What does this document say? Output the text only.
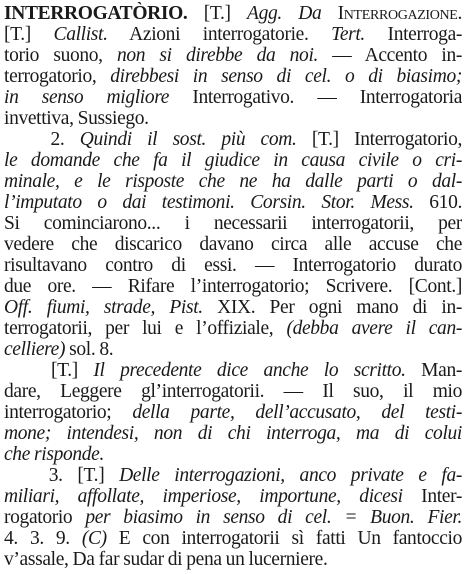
INTERROGATÒRIO. [T.] Agg. Da Interrogazione.
[T.] Callist. Azioni interrogatorie. Tert. Interroga-
torio suono, non si direbbe da noi. — Accento in-
terrogatorio, direbbesi in senso di cel. o di biasimo;
in senso migliore Interrogativo. — Interrogatoria
invettiva, Sussiego.
2. Quindi il sost. più com. [T.] Interrogatorio,
le domande che fa il giudice in causa civile o cri-
minale, e le risposte che ne ha dalle parti o dal-
l’imputato o dai testimoni. Corsin. Stor. Mess. 610.
Si cominciarono... i necessarii interrogatorii, per
vedere che discarico davano circa alle accuse che
risultavano contro di essi. — Interrogatorio durato
due ore. — Rifare l’interrogatorio; Scrivere. [Cont.]
Off. fiumi, strade, Pist. XIX. Per ogni mano di in-
terrogatorii, per lui e l’offiziale, (debba avere il can-
celliere) sol. 8.
[T.] Il precedente dice anche lo scritto. Man-
dare, Leggere gl’interrogatorii. — Il suo, il mio
interrogatorio; della parte, dell’accusato, del testi-
mone; intendesi, non di chi interroga, ma di colui
che risponde.
3. [T.] Delle interrogazioni, anco private e fa-
miliari, affollate, imperiose, importune, dicesi Inter-
rogatorio per biasimo in senso di cel. = Buon. Fier.
4. 3. 9. (C) E con interrogatorii sì fatti Un fantoccio
v’assale, Da far sudar di pena un lucerniere.
